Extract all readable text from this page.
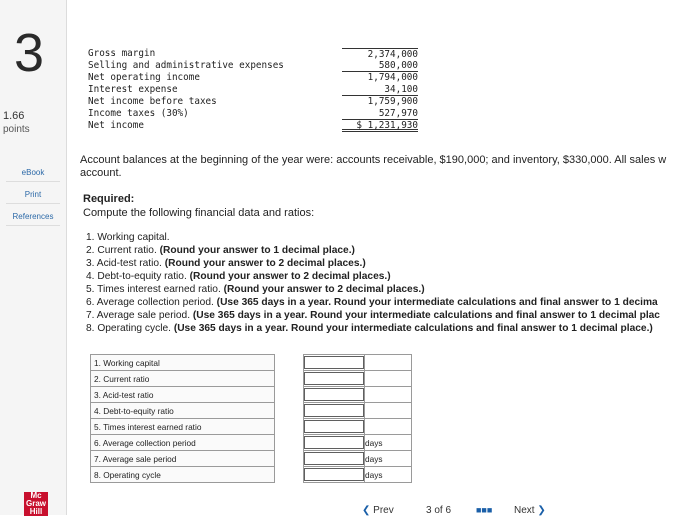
3
1.66
points
eBook
Print
References
Mc Graw Hill
Gross margin	2,374,000
Selling and administrative expenses	580,000
Net operating income	1,794,000
Interest expense	34,100
Net income before taxes	1,759,900
Income taxes (30%)	527,970
Net income	$ 1,231,930
Account balances at the beginning of the year were: accounts receivable, $190,000; and inventory, $330,000. All sales w
account.
Required:
Compute the following financial data and ratios:
1. Working capital.
2. Current ratio. (Round your answer to 1 decimal place.)
3. Acid-test ratio. (Round your answer to 2 decimal places.)
4. Debt-to-equity ratio. (Round your answer to 2 decimal places.)
5. Times interest earned ratio. (Round your answer to 2 decimal places.)
6. Average collection period. (Use 365 days in a year. Round your intermediate calculations and final answer to 1 decima
7. Average sale period. (Use 365 days in a year. Round your intermediate calculations and final answer to 1 decimal plac
8. Operating cycle. (Use 365 days in a year. Round your intermediate calculations and final answer to 1 decimal place.)
1. Working capital		

2. Current ratio		

3. Acid-test ratio		

4. Debt-to-equity ratio		

5. Times interest earned ratio		

6. Average collection period			days
7. Average sale period			days
8. Operating cycle			days
❮ Prev	3 of 6	■■■ Next ❯
